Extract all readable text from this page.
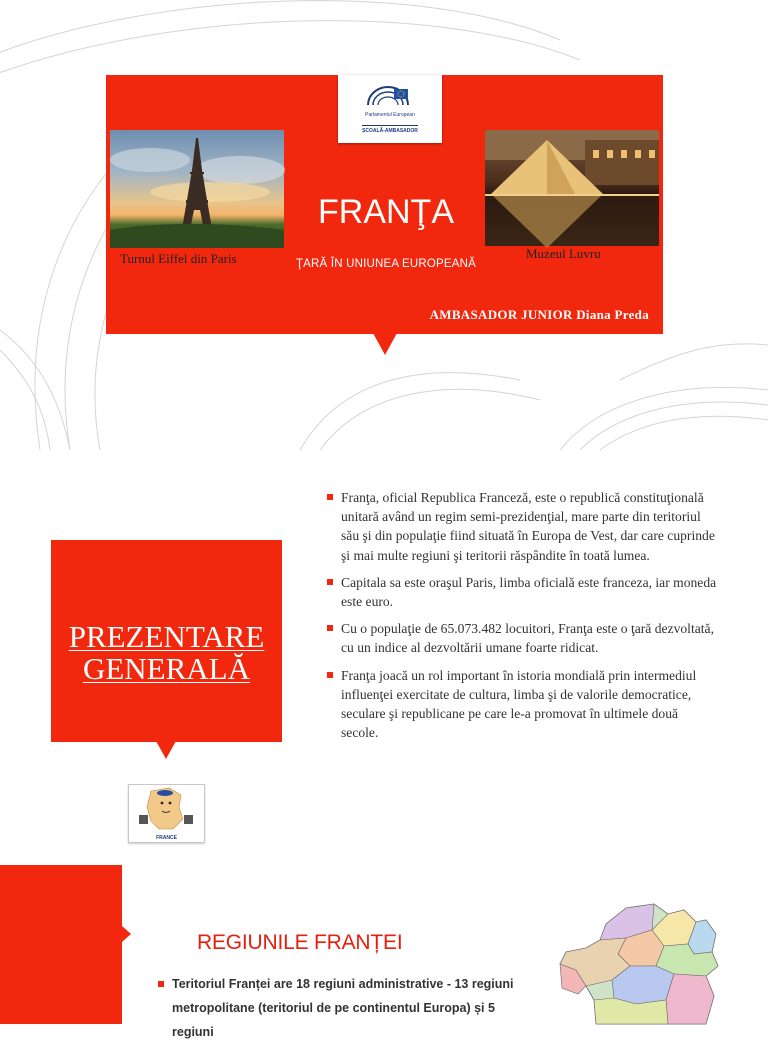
Parlamentul European
ȘCOALĂ-AMBASADOR
Turnul Eiffel din Paris	Muzeul Luvru
FRANŢA
ŢARĂ ÎN UNIUNEA EUROPEANĂ
AMBASADOR JUNIOR Diana Preda
PREZENTARE
GENERALĂ
FRANCE
Franţa, oficial Republica Franceză, este o republică constituţională unitară având un regim semi-prezidenţial, mare parte din teritoriul său şi din populaţie fiind situată în Europa de Vest, dar care cuprinde şi mai multe regiuni şi teritorii răspândite în toată lumea.
Capitala sa este oraşul Paris, limba oficială este franceza, iar moneda este euro.
Cu o populaţie de 65.073.482 locuitori, Franţa este o ţară dezvoltată, cu un indice al dezvoltării umane foarte ridicat.
Franţa joacă un rol important în istoria mondială prin intermediul influenţei exercitate de cultura, limba şi de valorile democratice, seculare şi republicane pe care le-a promovat în ultimele două secole.
REGIUNILE FRANȚEI
Teritoriul Franței are 18 regiuni administrative - 13 regiuni metropolitane (teritoriul de pe continentul Europa) și 5 regiuni
